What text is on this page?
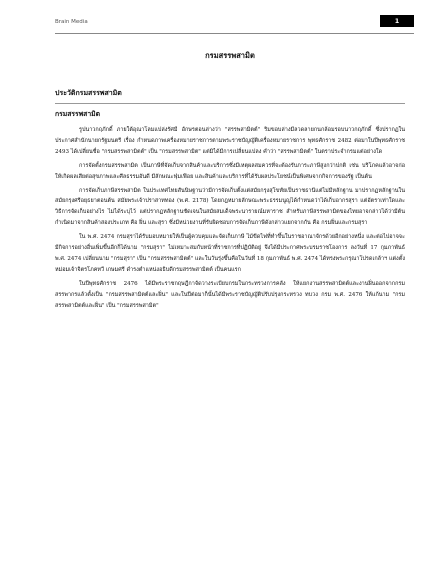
Brain Media	1
กรมสรรพสามิต
ประวัติกรมสรรพสามิต
กรมสรรพสามิต

รูปนาวกฤภักดิ์ ภายใต้อุณาโลมแปล่งรัศมี อักษรตอนล่างว่า "สรรพสามิตต์" ริมขอบล่างมีลวดลายกนกล้อมรอบนาวกฤภักดิ์ ซึ่งปรากฏในประกาศสำนักนายกรัฐมนตรี เรื่อง กำหนดภาพเครื่องหมายราชการตามพระราชบัญญัติเครื่องหมายราชการ พุทธศักราช 2482 ต่อมาในปีพุทธศักราช 2493 ได้เปลี่ยนชื่อ "กรมสรรพสามิตต์" เป็น "กรมสรรพสามิต" แต่มิได้มีการเปลี่ยนแปลง คำว่า "สรรพสามิตต์" ในตราประจำกรมแต่อย่างใด

การจัดตั้งกรมสรรพสามิต เป็นภาษีที่จัดเก็บจากสินค้าและบริการซึ่งมีเหตุผลสมควรที่จะต้องรับภาระภาษีสูงกว่าปกติ เช่น บริโภคแล้วอาจก่อให้เกิดผลเสียต่อสุขภาพและศีลธรรมอันดี มีลักษณะฟุ่มเฟือย และสินค้าและบริการที่ได้รับผลประโยชน์เป็นพิเศษจากกิจการของรัฐ เป็นต้น

การจัดเก็บภาษีสรรพสามิต ในประเทศไทยสันนิษฐานว่ามีการจัดเก็บตั้งแต่สมัยกรุงสุโขทัยเป็นราชธานีแต่ไม่มีหลักฐาน มาปรากฏหลักฐานในสมัยกรุงศรีอยุธยาตอนต้น สมัยพระเจ้าปราสาททอง (พ.ศ. 2178) โดยกฎหมายลักษณะพระธรรมนูญได้กำหนดว่าได้เก็บอากรสุรา แต่อัตราเท่าใดและวิธีการจัดเก็บอย่างไร ไม่ได้ระบุไว้ แต่ปรากฏหลักฐานชัดเจนในสมัยสมเด็จพระนารายณ์มหาราช สำหรับภาษีสรรพสามิตของไทยอาจกล่าวได้ว่ามีต้นกำเนิดมาจากสินค้าสองประเภท คือ ฝิ่น และสุรา ซึ่งมีหน่วยงานที่รับผิดชอบการจัดเก็บภาษีดังกล่าวแยกจากกัน คือ กรมฝิ่นและกรมสุรา

ใน พ.ศ. 2474 กรมสุราได้รับมอบหมายให้เป็นผู้ควบคุมและจัดเก็บภาษี ไม้ขีดไฟที่ทำขึ้นในราชอาณาจักรด้วยอีกอย่างหนึ่ง และต่อไปอาจจะมีกิจการอย่างอื่นเพิ่มขึ้นอีกก็ได้นาม "กรมสุรา" ไม่เหมาะสมกับหน้าที่ราชการที่ปฏิบัติอยู่ จึงได้มีประกาศพระบรมราชโองการ ลงวันที่ 17 กุมภาพันธ์ พ.ศ. 2474 เปลี่ยนนาม "กรมสุรา" เป็น "กรมสรรพสามิตต์" และในวันรุ่งขึ้นคือในวันที่ 18 กุมภาพันธ์ พ.ศ. 2474 ได้ทรงพระกรุณาโปรดเกล้าฯ แต่งตั้งหม่อมเจ้าจิตรโภคทวี เกษมศรี ดำรงตำแหน่งอธิบดีกรมสรรพสามิตต์ เป็นคนแรก

ในปีพุทธศักราช 2476 ได้มีพระราชกฤษฎีกาจัดวางระเบียบกรมในกระทรวงการคลัง ให้แยกงานสรรพสามิตต์และงานฝิ่นออกจากกรมสรรพากรแล้วตั้งเป็น "กรมสรรพสามิตต์และฝิ่น" และในปีต่อมาก็นั้นได้มีพระราชบัญญัติปรับปรุงกระทรวง ทบวง กรม พ.ศ. 2476 ให้แก้นาม "กรมสรรพสามิตต์และฝิ่น" เป็น "กรมสรรพสามิต"
